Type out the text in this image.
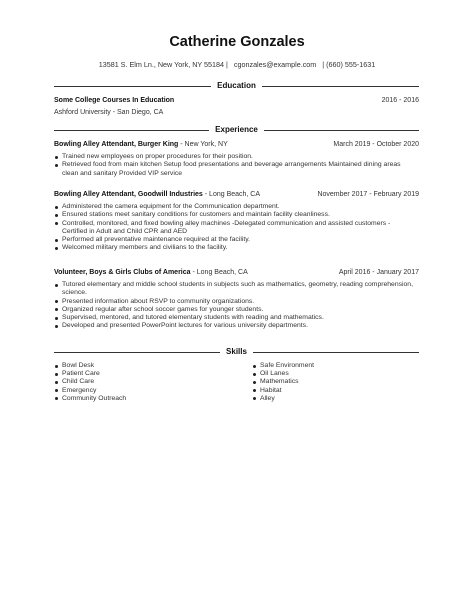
Catherine Gonzales
13581 S. Elm Ln., New York, NY 55184 |   cgonzales@example.com   | (660) 555-1631
Education
Some College Courses In Education	2016 - 2016
Ashford University - San Diego, CA
Experience
Bowling Alley Attendant, Burger King - New York, NY	March 2019 - October 2020
Trained new employees on proper procedures for their position.
Retrieved food from main kitchen Setup food presentations and beverage arrangements Maintained dining areas clean and sanitary Provided VIP service
Bowling Alley Attendant, Goodwill Industries - Long Beach, CA	November 2017 - February 2019
Administered the camera equipment for the Communication department.
Ensured stations meet sanitary conditions for customers and maintain facility cleanliness.
Controlled, monitored, and fixed bowling alley machines -Delegated communication and assisted customers - Certified in Adult and Child CPR and AED
Performed all preventative maintenance required at the facility.
Welcomed military members and civilians to the facility.
Volunteer, Boys & Girls Clubs of America - Long Beach, CA	April 2016 - January 2017
Tutored elementary and middle school students in subjects such as mathematics, geometry, reading comprehension, science.
Presented information about RSVP to community organizations.
Organized regular after school soccer games for younger students.
Supervised, mentored, and tutored elementary students with reading and mathematics.
Developed and presented PowerPoint lectures for various university departments.
Skills
Bowl Desk
Patient Care
Child Care
Emergency
Community Outreach
Safe Environment
Oil Lanes
Mathematics
Habitat
Alley
